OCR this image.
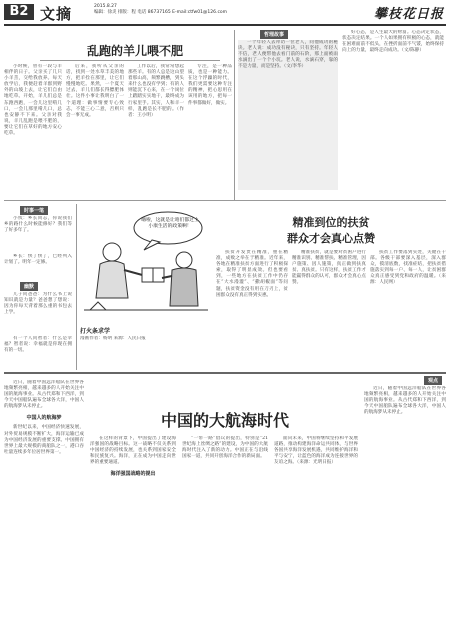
B2 文摘	2015.8.27
编辑：徐炎 排版：程 电话 86737165 E-mail:ctfw01@126.com	攀枝花日报
乱跑的羊儿喂不肥

小时候，曾有一段与羊相伴的日子。父亲买了几只小羊羔，交给我放养。每天放学后，我便赶着羊群到野外的山坡上去，让它们自由地吃草。开始，羊儿们总是东跑西跑，一会儿这里啃几口，一会儿那里啃几口，总也安静不下来。父亲对我说，羊儿乱跑是喂不肥的，要让它们在草好的地方安心吃草。

后来，我听从父亲的话，找到一处水草丰美的地方，把羊拴在那里，让它们慢慢地吃。果然，一个夏天过去，羊儿们都长得膘肥体壮。这件小事让我明白了一个道理：做事情要专心致志，不能三心二意，否则只会一事无成。

工作以后，我常常想起那些羊。有的人总是这山望着那山高，频繁跳槽，到头来什么也没有学到；有的人则能沉下心来，在一个岗位上踏踏实实地干，最终成为行家里手。其实，人和羊一样，乱跑是长不肥的。（作者：王小明）

专注，是一种品质，也是一种能力。在这个浮躁的时代，我们更需要这种专注的精神，把心思用在该用的地方，把每一件事都做好，做实。

哲理故事

一个年轻人去拜访一位老人，问他成功的秘诀。老人说：成功没有秘诀，只有坚持。年轻人不信，老人便带他去看门前的石阶，那上面被雨水滴出了一个个小坑。老人说，水滴石穿，靠的不是力量，而是坚持。（文/李华）

好心态，是人生最大的财富。心态决定状态，状态决定结果。一个人如果拥有积极的心态，就能在困难面前不低头，在挫折面前不气馁，始终保持向上的力量，最终走向成功。（文/陈静）

时事一笔

小伙：乡长同志，你说我们乡的路什么时候能修好？我们等了好多年了。

乡长：快了快了，已经列入计划了。明年一定修。

幽默

儿子问爸爸：为什么书上说知识就是力量？爸爸想了想说：因为你每天背着那么重的书包去上学。

有一个人问智者：什么是幸福？智者说：幸福就是你现在拥有的一切。

嗨啦，这就是让咱们都过上小康生活的政策啊！
打火条求学
漫画作者：杨明 来源：人民日报
精准到位的扶贫
群众才会真心点赞

扶贫开发贵在精准，重在精准，成败之举在于精准。近年来，各地在精准扶贫方面进行了积极探索，取得了明显成效。但也要看到，一些地方在扶贫工作中仍存在“大水漫灌”、“撒胡椒面”等问题，扶贫资金没有用在刀刃上，贫困群众没有真正得到实惠。

精准扶贫，就是要对贫困户进行精准识别、精准帮扶、精准管理，因户施策、因人施策，真正做到扶真贫、真扶贫。只有这样，扶贫工作才能赢得群众的认可，群众才会真心点赞。

扶贫工作要落到实处，关键在干部。各级干部要深入基层，深入群众，摸清底数，找准症结，把扶贫措施落实到每一户、每一人，让贫困群众真正感受到党和政府的温暖。（来源：人民网）

观点
中国的大航海时代

近日，随着中国远洋船队在世界各地频繁亮相，越来越多的人开始关注中国的航海事业。从古代郑和下西洋，到今天中国船队遍布全球各大洋，中国人的航海梦从未停止。

中国人的航海梦

新世纪以来，中国经济快速发展，对外贸易规模不断扩大，海洋运输已成为中国经济发展的重要支撑。中国拥有世界上最大规模的商船队之一，港口吞吐量连续多年位居世界第一。

在这样的背景下，中国提出了建设海洋强国的战略目标。这一战略不仅关系到中国经济的持续发展，也关系到国家安全和民族复兴。海洋，正在成为中国走向世界的重要通道。

海洋强国战略的提出

“一带一路”倡议的提出，特别是“21世纪海上丝绸之路”的建设，为中国的大航海时代注入了新的动力。中国正在与沿线国家一道，共同开创海洋合作的新局面。

面向未来，中国将继续坚持和平发展道路，推动构建海洋命运共同体，与世界各国共享海洋发展机遇，共同维护海洋和平与安宁，让蓝色的海洋成为连接世界的友谊之海。（来源：光明日报）

近日，随着中国远洋船队在世界各地频繁亮相，越来越多的人开始关注中国的航海事业。从古代郑和下西洋，到今天中国船队遍布全球各大洋，中国人的航海梦从未停止。
